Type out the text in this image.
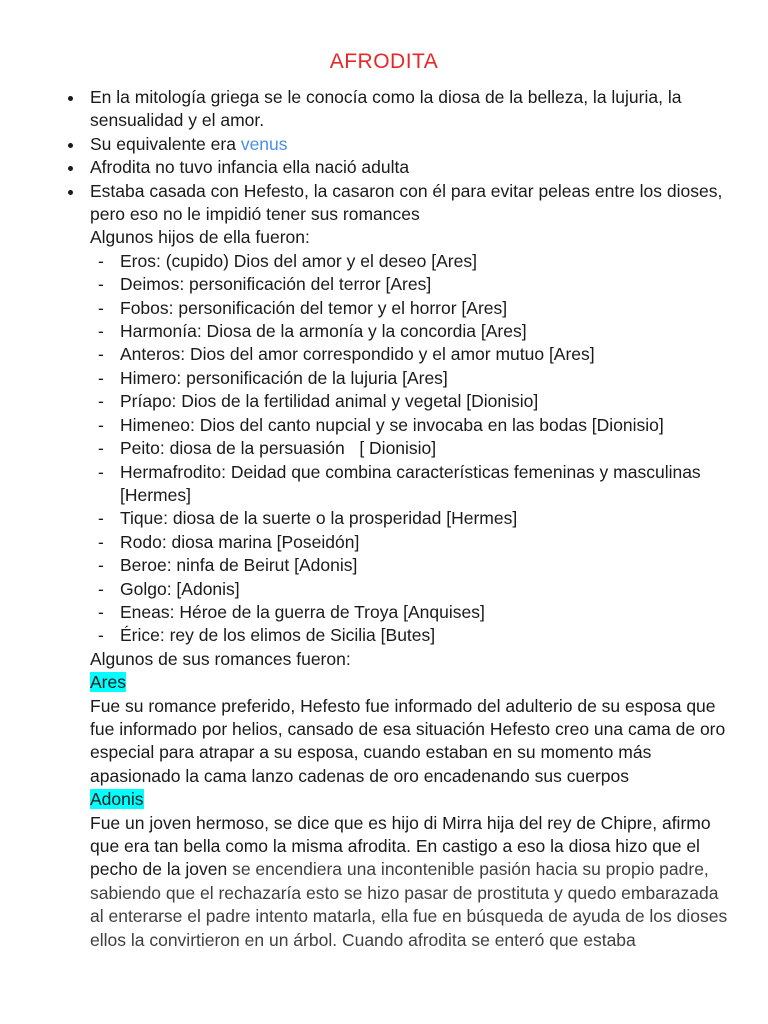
AFRODITA
En la mitología griega se le conocía como la diosa de la belleza, la lujuria, la sensualidad y el amor.
Su equivalente era venus
Afrodita no tuvo infancia ella nació adulta
Estaba casada con Hefesto, la casaron con él para evitar peleas entre los dioses, pero eso no le impidió tener sus romances
Algunos hijos de ella fueron:
- Eros: (cupido) Dios del amor y el deseo [Ares]
- Deimos: personificación del terror [Ares]
- Fobos: personificación del temor y el horror [Ares]
- Harmonía: Diosa de la armonía y la concordia [Ares]
- Anteros: Dios del amor correspondido y el amor mutuo [Ares]
- Himero: personificación de la lujuria [Ares]
- Príapo: Dios de la fertilidad animal y vegetal [Dionisio]
- Himeneo: Dios del canto nupcial y se invocaba en las bodas [Dionisio]
- Peito: diosa de la persuasión   [ Dionisio]
- Hermafrodito: Deidad que combina características femeninas y masculinas [Hermes]
- Tique: diosa de la suerte o la prosperidad [Hermes]
- Rodo: diosa marina [Poseidón]
- Beroe: ninfa de Beirut [Adonis]
- Golgo: [Adonis]
- Eneas: Héroe de la guerra de Troya [Anquises]
- Érice: rey de los elimos de Sicilia [Butes]
Algunos de sus romances fueron:
Ares
Fue su romance preferido, Hefesto fue informado del adulterio de su esposa que fue informado por helios, cansado de esa situación Hefesto creo una cama de oro especial para atrapar a su esposa, cuando estaban en su momento más apasionado la cama lanzo cadenas de oro encadenando sus cuerpos
Adonis
Fue un joven hermoso, se dice que es hijo di Mirra hija del rey de Chipre, afirmo que era tan bella como la misma afrodita. En castigo a eso la diosa hizo que el pecho de la joven se encendiera una incontenible pasión hacia su propio padre, sabiendo que el rechazaría esto se hizo pasar de prostituta y quedo embarazada al enterarse el padre intento matarla, ella fue en búsqueda de ayuda de los dioses ellos la convirtieron en un árbol. Cuando afrodita se enteró que estaba
